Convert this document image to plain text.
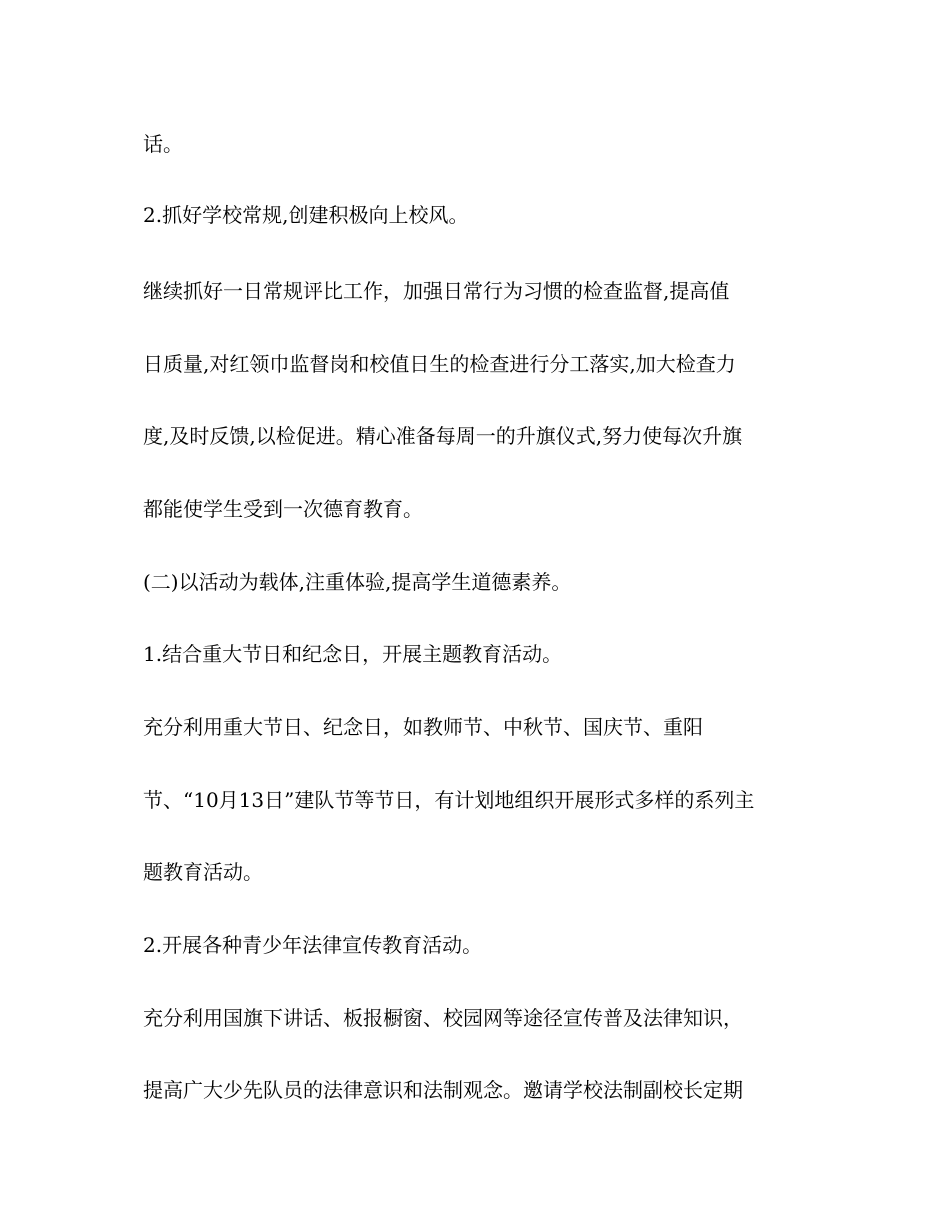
话。
2.抓好学校常规,创建积极向上校风。
继续抓好一日常规评比工作，加强日常行为习惯的检查监督,提高值
日质量,对红领巾监督岗和校值日生的检查进行分工落实,加大检查力
度,及时反馈,以检促进。精心准备每周一的升旗仪式,努力使每次升旗
都能使学生受到一次德育教育。
(二)以活动为载体,注重体验,提高学生道德素养。
1.结合重大节日和纪念日，开展主题教育活动。
充分利用重大节日、纪念日，如教师节、中秋节、国庆节、重阳
节、“10月13日”建队节等节日，有计划地组织开展形式多样的系列主
题教育活动。
2.开展各种青少年法律宣传教育活动。
充分利用国旗下讲话、板报橱窗、校园网等途径宣传普及法律知识，
提高广大少先队员的法律意识和法制观念。邀请学校法制副校长定期
